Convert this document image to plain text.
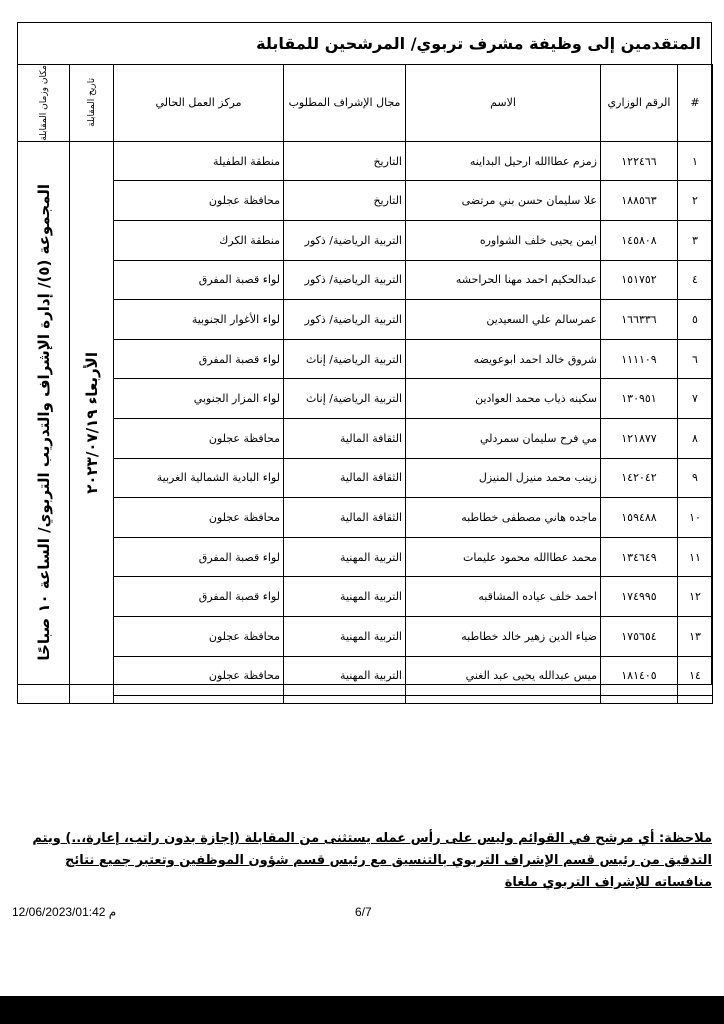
المتقدمين إلى وظيفة مشرف تربوي/ المرشحين للمقابلة
#	الرقم الوزاري	الاسم	مجال الإشراف المطلوب	مركز العمل الحالي	تاريخ المقابلة	مكان وزمان المقابلة

١	١٢٢٤٦٦	زمزم عطاالله ارحيل البداينه	التاريخ	منطقة الطفيلة	الأربعاء ٢٠٢٣/٠٧/١٩	المجموعة (٥)/ إدارة الإشراف والتدريب التربوي/ الساعة ١٠ صباحًا

٢	١٨٨٥٦٣	علا سليمان حسن بني مرتضى	التاريخ	محافظة عجلون		
٣	١٤٥٨٠٨	ايمن يحيى خلف الشواوره	التربية الرياضية/ ذكور	منطقة الكرك		
٤	١٥١٧٥٢	عبدالحكيم احمد مهنا الحراحشه	التربية الرياضية/ ذكور	لواء قصبة المفرق		
٥	١٦٦٣٣٦	عمرسالم علي السعيدين	التربية الرياضية/ ذكور	لواء الأغوار الجنوبية		
٦	١١١١٠٩	شروق خالد احمد ابوعويضه	التربية الرياضية/ إناث	لواء قصبة المفرق		
٧	١٣٠٩٥١	سكينه ذياب محمد العوادين	التربية الرياضية/ إناث	لواء المزار الجنوبي		
٨	١٢١٨٧٧	مي فرح سليمان سمردلي	الثقافة المالية	محافظة عجلون		
٩	١٤٢٠٤٢	زينب محمد منيزل المنيزل	الثقافة المالية	لواء البادية الشمالية الغربية		
١٠	١٥٩٤٨٨	ماجده هاني مصطفى خطاطبه	الثقافة المالية	محافظة عجلون		
١١	١٣٤٦٤٩	محمد عطاالله محمود عليمات	التربية المهنية	لواء قصبة المفرق		
١٢	١٧٤٩٩٥	احمد خلف عياده المشاقبه	التربية المهنية	لواء قصبة المفرق		
١٣	١٧٥٦٥٤	ضياء الدين زهير خالد خطاطبه	التربية المهنية	محافظة عجلون		
١٤	١٨١٤٠٥	ميس عبدالله يحيى عبد الغني	التربية المهنية	محافظة عجلون		

ملاحظة: أي مرشح في القوائم وليس على رأس عمله يستثنى من المقابلة (إجازة بدون راتب، إعارة،..) ويتم التدقيق من رئيس قسم الإشراف التربوي بالتنسيق مع رئيس قسم شؤون الموظفين وتعتبر جميع نتائج منافساته للإشراف التربوي ملغاة
12/06/2023/01:42 م	6/7
